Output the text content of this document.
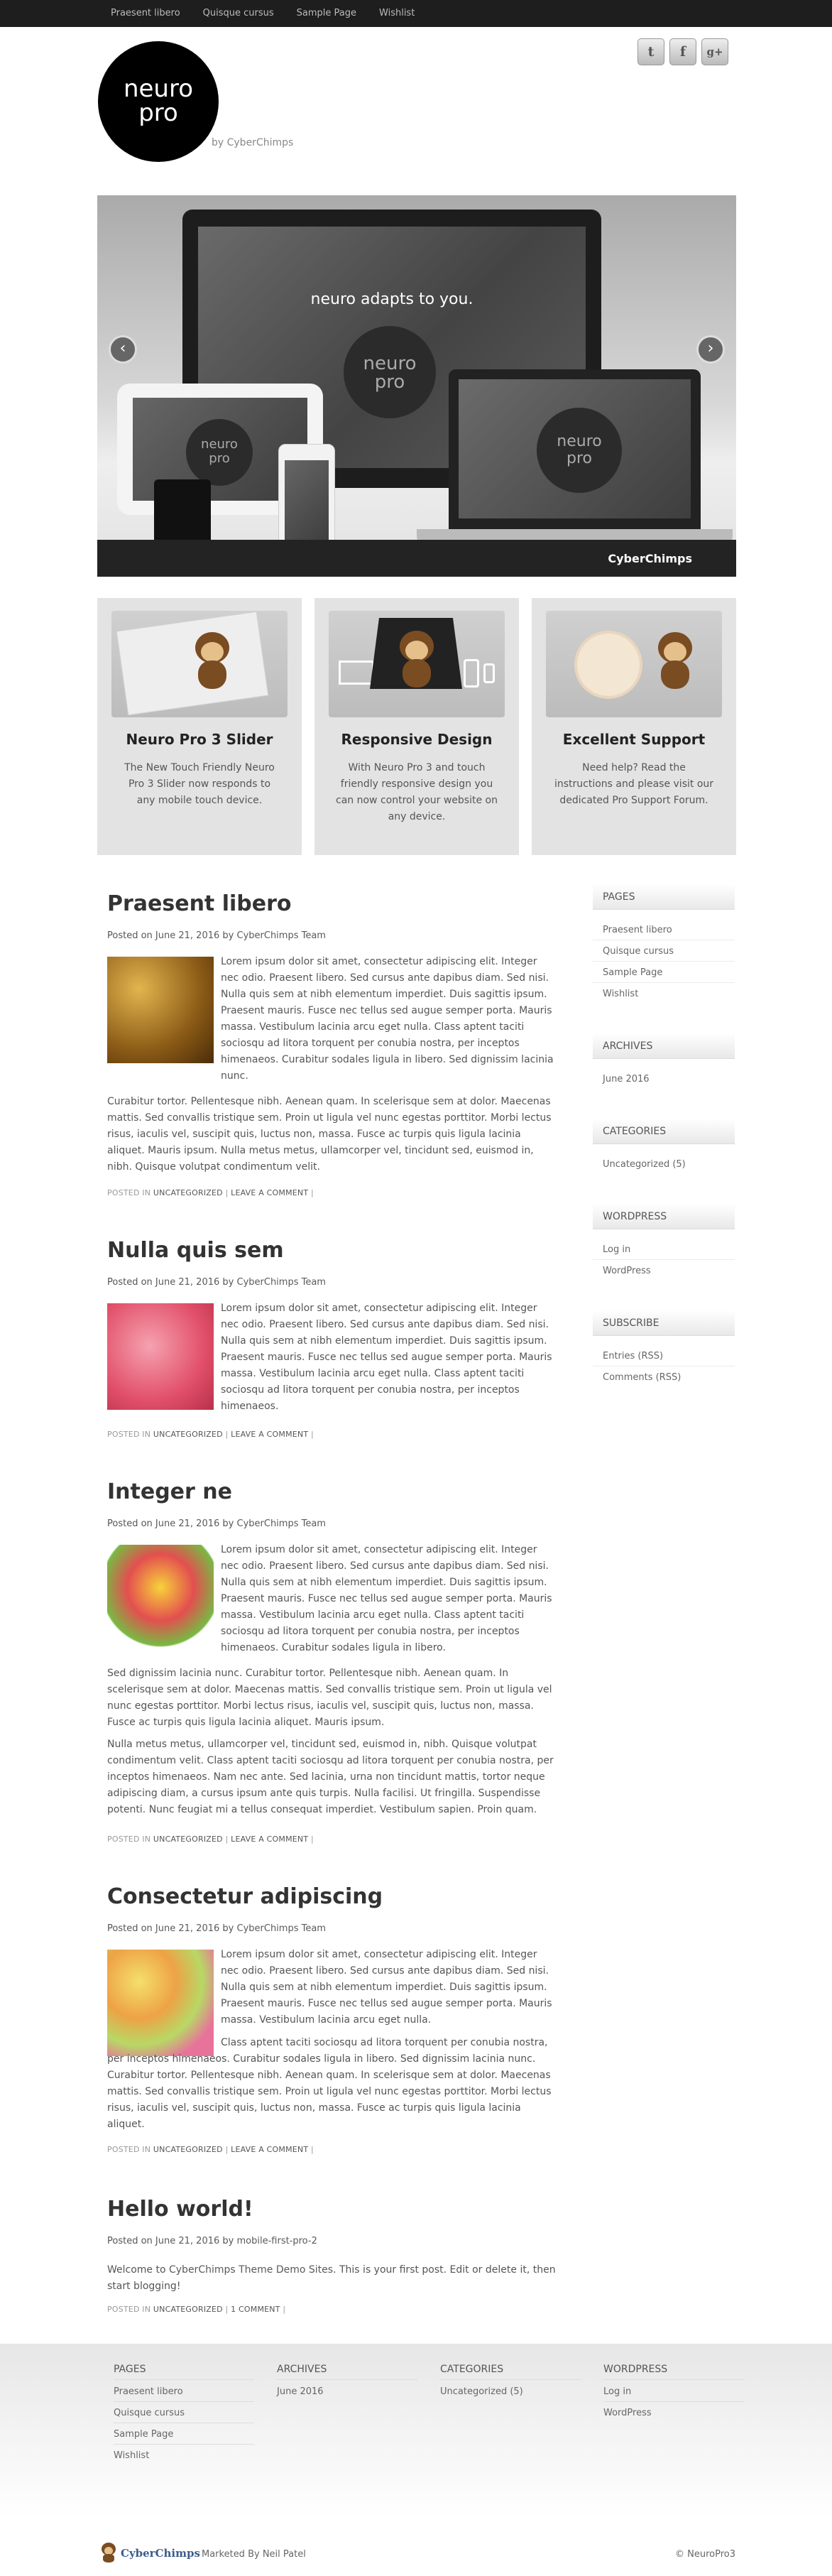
Praesent libero	Quisque cursus	Sample Page	Wishlist
neuro
pro
by CyberChimps
t	f	g+
neuro adapts to you.
neuro
pro
neuro
pro
neuro
pro
CyberChimps
‹	›
Neuro Pro 3 Slider

The New Touch Friendly Neuro Pro 3 Slider now responds to any mobile touch device.

Responsive Design

With Neuro Pro 3 and touch friendly responsive design you can now control your website on any device.

Excellent Support

Need help? Read the instructions and please visit our dedicated Pro Support Forum.

Praesent libero
Posted on June 21, 2016 by CyberChimps Team
Lorem ipsum dolor sit amet, consectetur adipiscing elit. Integer nec odio. Praesent libero. Sed cursus ante dapibus diam. Sed nisi. Nulla quis sem at nibh elementum imperdiet. Duis sagittis ipsum. Praesent mauris. Fusce nec tellus sed augue semper porta. Mauris massa. Vestibulum lacinia arcu eget nulla. Class aptent taciti sociosqu ad litora torquent per conubia nostra, per inceptos himenaeos. Curabitur sodales ligula in libero. Sed dignissim lacinia nunc.
Curabitur tortor. Pellentesque nibh. Aenean quam. In scelerisque sem at dolor. Maecenas mattis. Sed convallis tristique sem. Proin ut ligula vel nunc egestas porttitor. Morbi lectus risus, iaculis vel, suscipit quis, luctus non, massa. Fusce ac turpis quis ligula lacinia aliquet. Mauris ipsum. Nulla metus metus, ullamcorper vel, tincidunt sed, euismod in, nibh. Quisque volutpat condimentum velit.
POSTED IN UNCATEGORIZED | LEAVE A COMMENT |
Nulla quis sem
Posted on June 21, 2016 by CyberChimps Team
Lorem ipsum dolor sit amet, consectetur adipiscing elit. Integer nec odio. Praesent libero. Sed cursus ante dapibus diam. Sed nisi. Nulla quis sem at nibh elementum imperdiet. Duis sagittis ipsum. Praesent mauris. Fusce nec tellus sed augue semper porta. Mauris massa. Vestibulum lacinia arcu eget nulla. Class aptent taciti sociosqu ad litora torquent per conubia nostra, per inceptos himenaeos.
POSTED IN UNCATEGORIZED | LEAVE A COMMENT |
Integer ne
Posted on June 21, 2016 by CyberChimps Team
Lorem ipsum dolor sit amet, consectetur adipiscing elit. Integer nec odio. Praesent libero. Sed cursus ante dapibus diam. Sed nisi. Nulla quis sem at nibh elementum imperdiet. Duis sagittis ipsum. Praesent mauris. Fusce nec tellus sed augue semper porta. Mauris massa. Vestibulum lacinia arcu eget nulla. Class aptent taciti sociosqu ad litora torquent per conubia nostra, per inceptos himenaeos. Curabitur sodales ligula in libero.
Sed dignissim lacinia nunc. Curabitur tortor. Pellentesque nibh. Aenean quam. In scelerisque sem at dolor. Maecenas mattis. Sed convallis tristique sem. Proin ut ligula vel nunc egestas porttitor. Morbi lectus risus, iaculis vel, suscipit quis, luctus non, massa. Fusce ac turpis quis ligula lacinia aliquet. Mauris ipsum.
Nulla metus metus, ullamcorper vel, tincidunt sed, euismod in, nibh. Quisque volutpat condimentum velit. Class aptent taciti sociosqu ad litora torquent per conubia nostra, per inceptos himenaeos. Nam nec ante. Sed lacinia, urna non tincidunt mattis, tortor neque adipiscing diam, a cursus ipsum ante quis turpis. Nulla facilisi. Ut fringilla. Suspendisse potenti. Nunc feugiat mi a tellus consequat imperdiet. Vestibulum sapien. Proin quam.
POSTED IN UNCATEGORIZED | LEAVE A COMMENT |
Consectetur adipiscing
Posted on June 21, 2016 by CyberChimps Team
Lorem ipsum dolor sit amet, consectetur adipiscing elit. Integer nec odio. Praesent libero. Sed cursus ante dapibus diam. Sed nisi. Nulla quis sem at nibh elementum imperdiet. Duis sagittis ipsum. Praesent mauris. Fusce nec tellus sed augue semper porta. Mauris massa. Vestibulum lacinia arcu eget nulla.
Class aptent taciti sociosqu ad litora torquent per conubia nostra, per inceptos himenaeos. Curabitur sodales ligula in libero. Sed dignissim lacinia nunc. Curabitur tortor. Pellentesque nibh. Aenean quam. In scelerisque sem at dolor. Maecenas mattis. Sed convallis tristique sem. Proin ut ligula vel nunc egestas porttitor. Morbi lectus risus, iaculis vel, suscipit quis, luctus non, massa. Fusce ac turpis quis ligula lacinia aliquet.
POSTED IN UNCATEGORIZED | LEAVE A COMMENT |
Hello world!
Posted on June 21, 2016 by mobile-first-pro-2
Welcome to CyberChimps Theme Demo Sites. This is your first post. Edit or delete it, then start blogging!
POSTED IN UNCATEGORIZED | 1 COMMENT |
PAGES
Praesent libero
Quisque cursus
Sample Page
Wishlist
ARCHIVES
June 2016
CATEGORIES
Uncategorized (5)
WORDPRESS
Log in
WordPress
SUBSCRIBE
Entries (RSS)
Comments (RSS)
PAGES
Praesent libero
Quisque cursus
Sample Page
Wishlist
ARCHIVES
June 2016
CATEGORIES
Uncategorized (5)
WORDPRESS
Log in
WordPress
CyberChimps Marketed By Neil Patel	© NeuroPro3
